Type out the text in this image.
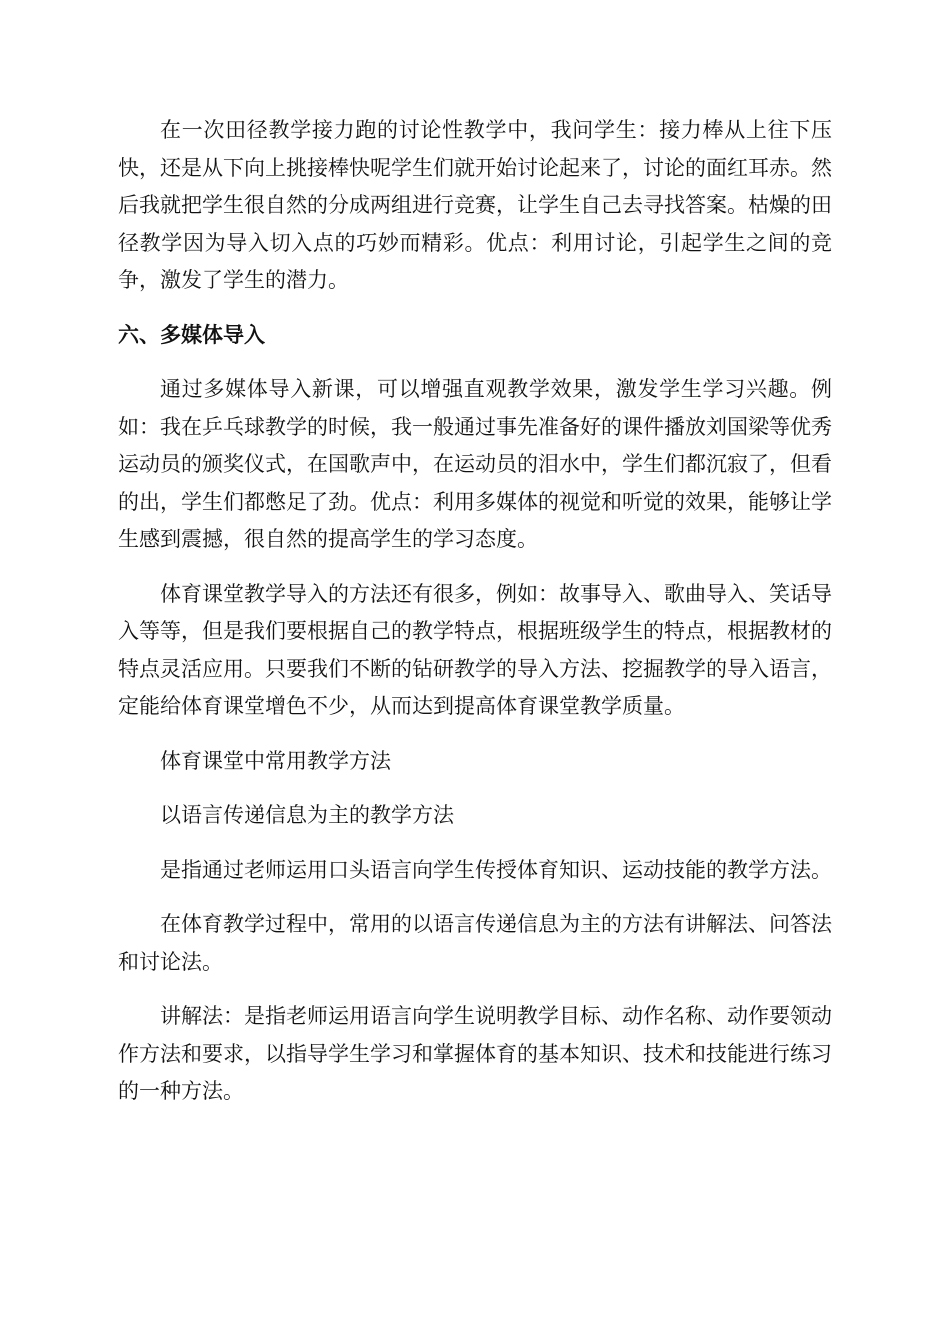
在一次田径教学接力跑的讨论性教学中，我问学生：接力棒从上往下压快，还是从下向上挑接棒快呢学生们就开始讨论起来了，讨论的面红耳赤。然后我就把学生很自然的分成两组进行竞赛，让学生自己去寻找答案。枯燥的田径教学因为导入切入点的巧妙而精彩。优点：利用讨论，引起学生之间的竞争，激发了学生的潜力。

六、多媒体导入

通过多媒体导入新课，可以增强直观教学效果，激发学生学习兴趣。例如：我在乒乓球教学的时候，我一般通过事先准备好的课件播放刘国梁等优秀运动员的颁奖仪式，在国歌声中，在运动员的泪水中，学生们都沉寂了，但看的出，学生们都憋足了劲。优点：利用多媒体的视觉和听觉的效果，能够让学生感到震撼，很自然的提高学生的学习态度。

体育课堂教学导入的方法还有很多，例如：故事导入、歌曲导入、笑话导入等等，但是我们要根据自己的教学特点，根据班级学生的特点，根据教材的特点灵活应用。只要我们不断的钻研教学的导入方法、挖掘教学的导入语言，定能给体育课堂增色不少，从而达到提高体育课堂教学质量。

体育课堂中常用教学方法

以语言传递信息为主的教学方法

是指通过老师运用口头语言向学生传授体育知识、运动技能的教学方法。

在体育教学过程中，常用的以语言传递信息为主的方法有讲解法、问答法和讨论法。

讲解法：是指老师运用语言向学生说明教学目标、动作名称、动作要领动作方法和要求，以指导学生学习和掌握体育的基本知识、技术和技能进行练习的一种方法。
